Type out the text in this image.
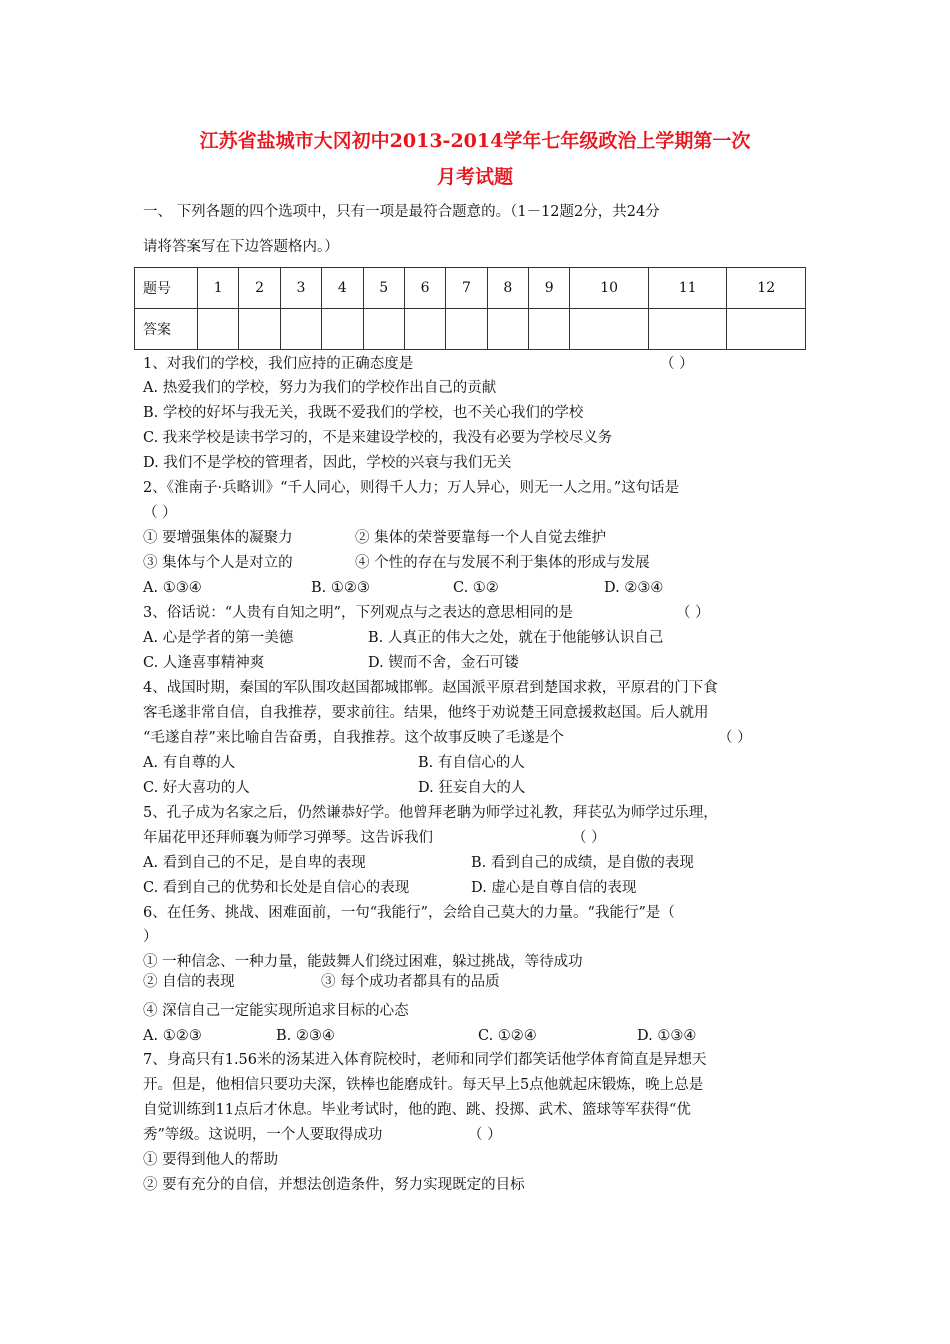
江苏省盐城市大冈初中2013-2014学年七年级政治上学期第一次
月考试题
一、 下列各题的四个选项中，只有一项是最符合题意的。（1－12题2分，共24分
请将答案写在下边答题格内。）
题号	1	2	3	4	5	6	7	8	9	10	11	12
答案												
1、对我们的学校，我们应持的正确态度是	（ ）
A. 热爱我们的学校，努力为我们的学校作出自己的贡献
B. 学校的好坏与我无关，我既不爱我们的学校，也不关心我们的学校
C. 我来学校是读书学习的，不是来建设学校的，我没有必要为学校尽义务
D. 我们不是学校的管理者，因此，学校的兴衰与我们无关
2、《淮南子·兵略训》“千人同心，则得千人力；万人异心，则无一人之用。”这句话是
（ ）
① 要增强集体的凝聚力	② 集体的荣誉要靠每一个人自觉去维护
③ 集体与个人是对立的	④ 个性的存在与发展不利于集体的形成与发展
A. ①③④	B. ①②③	C. ①②	D. ②③④
3、俗话说：“人贵有自知之明”，下列观点与之表达的意思相同的是	（ ）
A. 心是学者的第一美德	B. 人真正的伟大之处，就在于他能够认识自己
C. 人逢喜事精神爽	D. 锲而不舍，金石可镂
4、战国时期，秦国的军队围攻赵国都城邯郸。赵国派平原君到楚国求救，平原君的门下食
客毛遂非常自信，自我推荐，要求前往。结果，他终于劝说楚王同意援救赵国。后人就用
“毛遂自荐”来比喻自告奋勇，自我推荐。这个故事反映了毛遂是个	（ ）
A. 有自尊的人	B. 有自信心的人
C. 好大喜功的人	D. 狂妄自大的人
5、孔子成为名家之后，仍然谦恭好学。他曾拜老聃为师学过礼教，拜苌弘为师学过乐理，
年届花甲还拜师襄为师学习弹琴。这告诉我们	（ ）
A. 看到自己的不足，是自卑的表现	B. 看到自己的成绩，是自傲的表现
C. 看到自己的优势和长处是自信心的表现	D. 虚心是自尊自信的表现
6、在任务、挑战、困难面前，一句“我能行”，会给自己莫大的力量。“我能行”是（
）
① 一种信念、一种力量，能鼓舞人们绕过困难，躲过挑战，等待成功
② 自信的表现	③ 每个成功者都具有的品质
④ 深信自己一定能实现所追求目标的心态
A. ①②③	B. ②③④	C. ①②④	D. ①③④
7、身高只有1.56米的汤某进入体育院校时，老师和同学们都笑话他学体育简直是异想天
开。但是，他相信只要功夫深，铁棒也能磨成针。每天早上5点他就起床锻炼，晚上总是
自觉训练到11点后才休息。毕业考试时，他的跑、跳、投掷、武术、篮球等军获得“优
秀”等级。这说明，一个人要取得成功	（ ）
① 要得到他人的帮助
② 要有充分的自信，并想法创造条件，努力实现既定的目标
